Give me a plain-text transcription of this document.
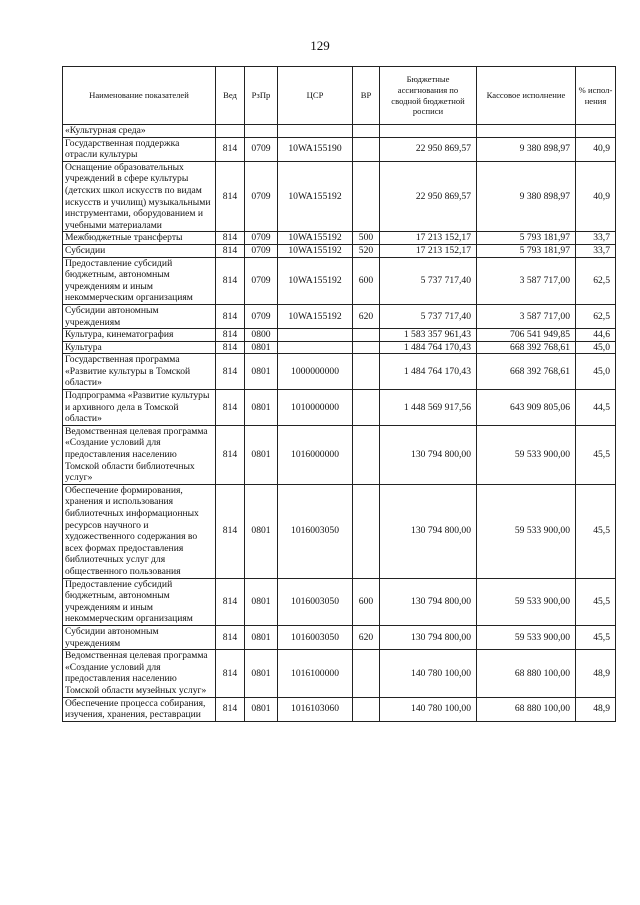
129
Наименование показателей	Вед	РзПр	ЦСР	ВР	Бюджетные ассигнования по сводной бюджетной росписи	Кассовое исполнение	% испол-нения
«Культурная среда»							
Государственная поддержка отрасли культуры	814	0709	10WA155190		22 950 869,57	9 380 898,97	40,9
Оснащение образовательных учреждений в сфере культуры (детских школ искусств по видам искусств и училищ) музыкальными инструментами, оборудованием и учебными материалами	814	0709	10WA155192		22 950 869,57	9 380 898,97	40,9
Межбюджетные трансферты	814	0709	10WA155192	500	17 213 152,17	5 793 181,97	33,7
Субсидии	814	0709	10WA155192	520	17 213 152,17	5 793 181,97	33,7
Предоставление субсидий бюджетным, автономным учреждениям и иным некоммерческим организациям	814	0709	10WA155192	600	5 737 717,40	3 587 717,00	62,5
Субсидии автономным учреждениям	814	0709	10WA155192	620	5 737 717,40	3 587 717,00	62,5
Культура, кинематография	814	0800			1 583 357 961,43	706 541 949,85	44,6
Культура	814	0801			1 484 764 170,43	668 392 768,61	45,0
Государственная программа «Развитие культуры в Томской области»	814	0801	1000000000		1 484 764 170,43	668 392 768,61	45,0
Подпрограмма «Развитие культуры и архивного дела в Томской области»	814	0801	1010000000		1 448 569 917,56	643 909 805,06	44,5
Ведомственная целевая программа «Создание условий для предоставления населению Томской области библиотечных услуг»	814	0801	1016000000		130 794 800,00	59 533 900,00	45,5
Обеспечение формирования, хранения и использования библиотечных информационных ресурсов научного и художественного содержания во всех формах предоставления библиотечных услуг для общественного пользования	814	0801	1016003050		130 794 800,00	59 533 900,00	45,5
Предоставление субсидий бюджетным, автономным учреждениям и иным некоммерческим организациям	814	0801	1016003050	600	130 794 800,00	59 533 900,00	45,5
Субсидии автономным учреждениям	814	0801	1016003050	620	130 794 800,00	59 533 900,00	45,5
Ведомственная целевая программа «Создание условий для предоставления населению Томской области музейных услуг»	814	0801	1016100000		140 780 100,00	68 880 100,00	48,9
Обеспечение процесса собирания, изучения, хранения, реставрации	814	0801	1016103060		140 780 100,00	68 880 100,00	48,9
